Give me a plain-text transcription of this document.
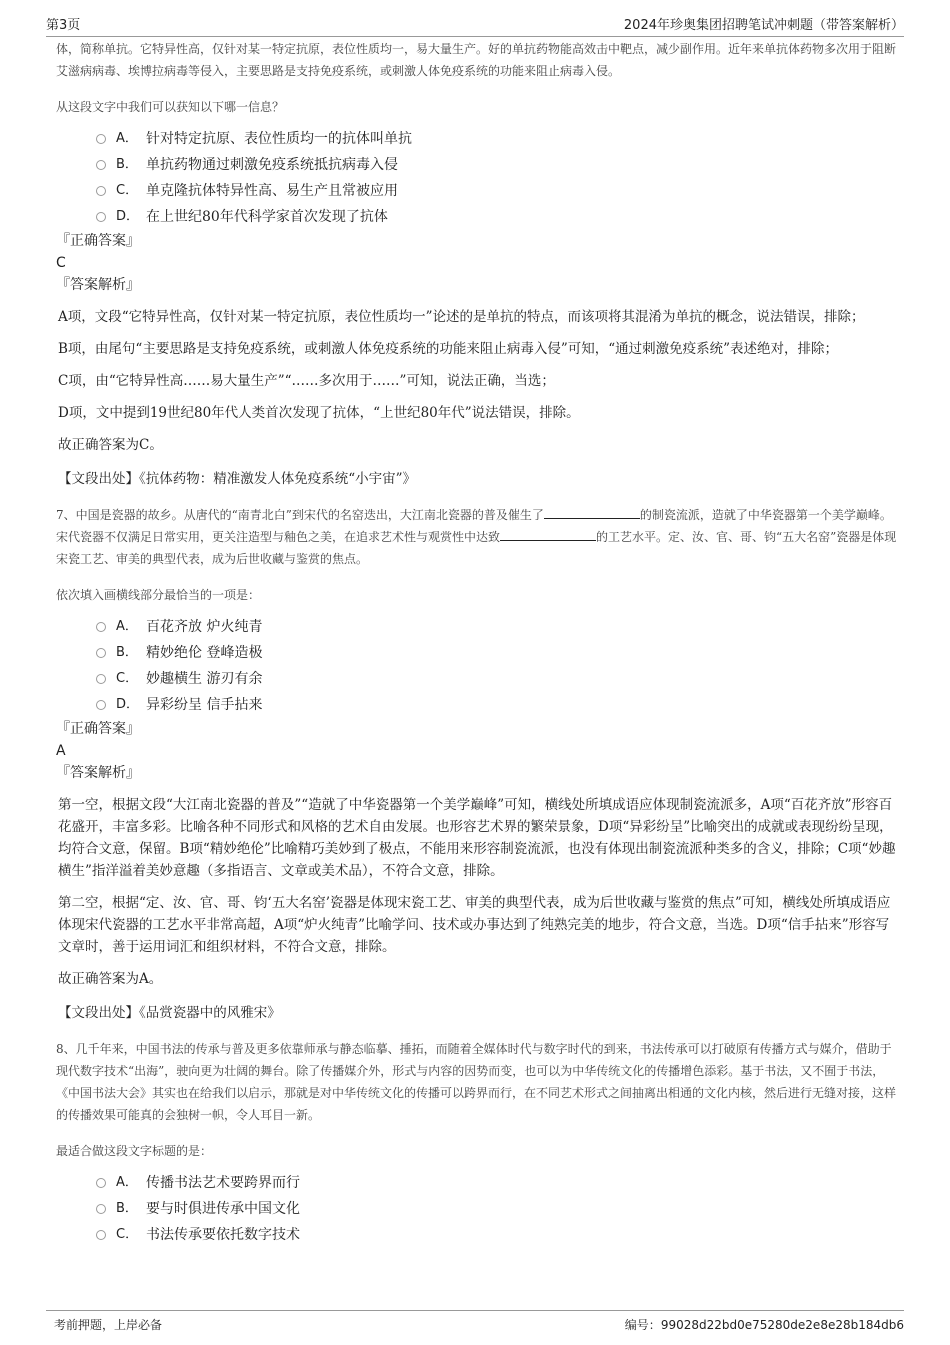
第3页	2024年珍奥集团招聘笔试冲刺题（带答案解析）

体，简称单抗。它特异性高，仅针对某一特定抗原，表位性质均一，易大量生产。好的单抗药物能高效击中靶点，减少副作用。近年来单抗体药物多次用于阻断艾滋病病毒、埃博拉病毒等侵入，主要思路是支持免疫系统，或刺激人体免疫系统的功能来阻止病毒入侵。

从这段文字中我们可以获知以下哪一信息？

A． 针对特定抗原、表位性质均一的抗体叫单抗
B． 单抗药物通过刺激免疫系统抵抗病毒入侵
C． 单克隆抗体特异性高、易生产且常被应用
D． 在上世纪80年代科学家首次发现了抗体

『正确答案』

C

『答案解析』

A项，文段“它特异性高，仅针对某一特定抗原，表位性质均一”论述的是单抗的特点，而该项将其混淆为单抗的概念，说法错误，排除；

B项，由尾句“主要思路是支持免疫系统，或刺激人体免疫系统的功能来阻止病毒入侵”可知，“通过刺激免疫系统”表述绝对，排除；

C项，由“它特异性高……易大量生产”“……多次用于……”可知，说法正确，当选；

D项，文中提到19世纪80年代人类首次发现了抗体，“上世纪80年代”说法错误，排除。

故正确答案为C。

【文段出处】《抗体药物：精准激发人体免疫系统“小宇宙”》

7、中国是瓷器的故乡。从唐代的“南青北白”到宋代的名窑迭出，大江南北瓷器的普及催生了	的制瓷流派，造就了中华瓷器第一个美学巅峰。宋代瓷器不仅满足日常实用，更关注造型与釉色之美，在追求艺术性与观赏性中达致	的工艺水平。定、汝、官、哥、钧“五大名窑”瓷器是体现宋瓷工艺、审美的典型代表，成为后世收藏与鉴赏的焦点。

依次填入画横线部分最恰当的一项是：

A． 百花齐放 炉火纯青
B． 精妙绝伦 登峰造极
C． 妙趣横生 游刃有余
D． 异彩纷呈 信手拈来

『正确答案』

A

『答案解析』

第一空，根据文段“大江南北瓷器的普及”“造就了中华瓷器第一个美学巅峰”可知，横线处所填成语应体现制瓷流派多，A项“百花齐放”形容百花盛开，丰富多彩。比喻各种不同形式和风格的艺术自由发展。也形容艺术界的繁荣景象，D项“异彩纷呈”比喻突出的成就或表现纷纷呈现，均符合文意，保留。B项“精妙绝伦”比喻精巧美妙到了极点，不能用来形容制瓷流派，也没有体现出制瓷流派种类多的含义，排除；C项“妙趣横生”指洋溢着美妙意趣（多指语言、文章或美术品），不符合文意，排除。

第二空，根据“定、汝、官、哥、钧‘五大名窑’瓷器是体现宋瓷工艺、审美的典型代表，成为后世收藏与鉴赏的焦点”可知，横线处所填成语应体现宋代瓷器的工艺水平非常高超，A项“炉火纯青”比喻学问、技术或办事达到了纯熟完美的地步，符合文意，当选。D项“信手拈来”形容写文章时，善于运用词汇和组织材料，不符合文意，排除。

故正确答案为A。

【文段出处】《品赏瓷器中的风雅宋》

8、几千年来，中国书法的传承与普及更多依靠师承与静态临摹、捶拓，而随着全媒体时代与数字时代的到来，书法传承可以打破原有传播方式与媒介，借助于现代数字技术“出海”，驶向更为壮阔的舞台。除了传播媒介外，形式与内容的因势而变，也可以为中华传统文化的传播增色添彩。基于书法，又不囿于书法，《中国书法大会》其实也在给我们以启示，那就是对中华传统文化的传播可以跨界而行，在不同艺术形式之间抽离出相通的文化内核，然后进行无缝对接，这样的传播效果可能真的会独树一帜，令人耳目一新。

最适合做这段文字标题的是：

A． 传播书法艺术要跨界而行
B． 要与时俱进传承中国文化
C． 书法传承要依托数字技术
考前押题，上岸必备	编号：99028d22bd0e75280de2e8e28b184db6
